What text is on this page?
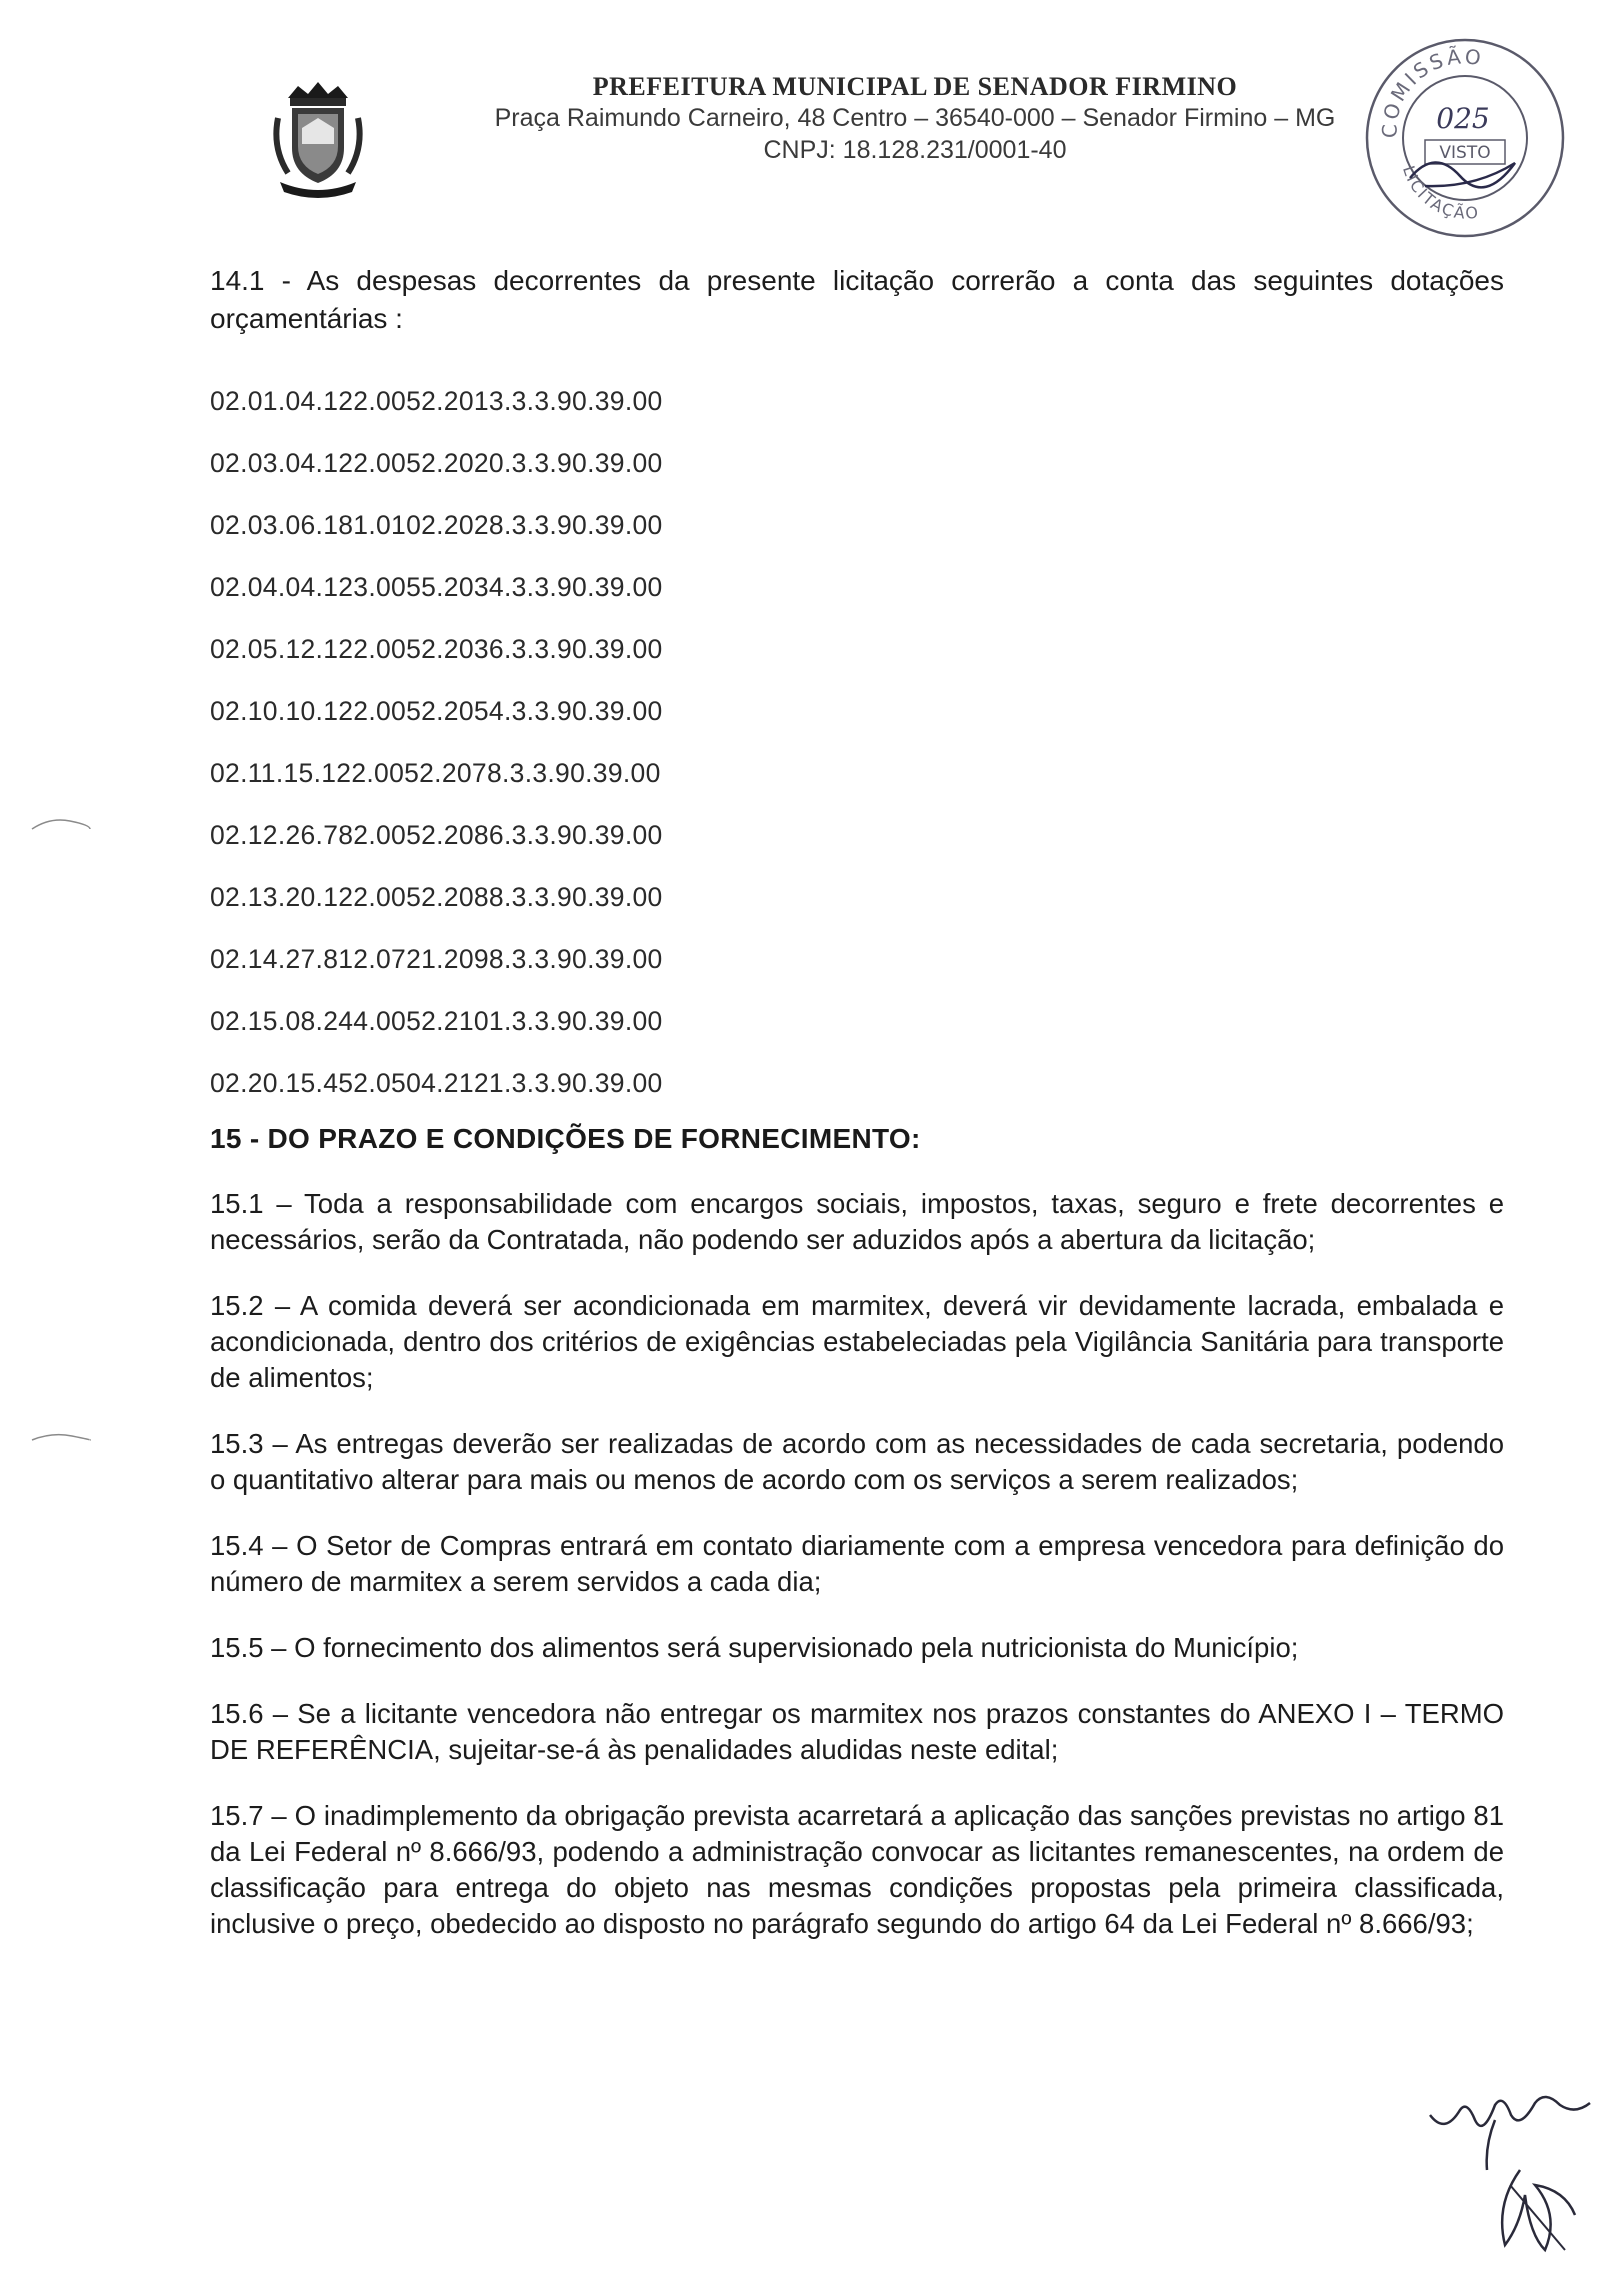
PREFEITURA MUNICIPAL DE SENADOR FIRMINO
Praça Raimundo Carneiro, 48 Centro – 36540-000 – Senador Firmino – MG
CNPJ: 18.128.231/0001-40
COMISSÃO
LICITAÇÃO
025
VISTO
14.1 - As despesas decorrentes da presente licitação correrão a conta das seguintes dotações orçamentárias :
02.01.04.122.0052.2013.3.3.90.39.00
02.03.04.122.0052.2020.3.3.90.39.00
02.03.06.181.0102.2028.3.3.90.39.00
02.04.04.123.0055.2034.3.3.90.39.00
02.05.12.122.0052.2036.3.3.90.39.00
02.10.10.122.0052.2054.3.3.90.39.00
02.11.15.122.0052.2078.3.3.90.39.00
02.12.26.782.0052.2086.3.3.90.39.00
02.13.20.122.0052.2088.3.3.90.39.00
02.14.27.812.0721.2098.3.3.90.39.00
02.15.08.244.0052.2101.3.3.90.39.00
02.20.15.452.0504.2121.3.3.90.39.00
15 - DO PRAZO E CONDIÇÕES DE FORNECIMENTO:
15.1 – Toda a responsabilidade com encargos sociais, impostos, taxas, seguro e frete decorrentes e necessários, serão da Contratada, não podendo ser aduzidos após a abertura da licitação;
15.2 – A comida deverá ser acondicionada em marmitex, deverá vir devidamente lacrada, embalada e acondicionada, dentro dos critérios de exigências estabeleciadas pela Vigilância Sanitária para transporte de alimentos;
15.3 – As entregas deverão ser realizadas de acordo com as necessidades de cada secretaria, podendo o quantitativo alterar para mais ou menos de acordo com os serviços a serem realizados;
15.4 – O Setor de Compras entrará em contato diariamente com a empresa vencedora para definição do número de marmitex a serem servidos a cada dia;
15.5 – O fornecimento dos alimentos será supervisionado pela nutricionista do Município;
15.6 – Se a licitante vencedora não entregar os marmitex nos prazos constantes do ANEXO I – TERMO DE REFERÊNCIA, sujeitar-se-á às penalidades aludidas neste edital;
15.7 – O inadimplemento da obrigação prevista acarretará a aplicação das sanções previstas no artigo 81 da Lei Federal nº 8.666/93, podendo a administração convocar as licitantes remanescentes, na ordem de classificação para entrega do objeto nas mesmas condições propostas pela primeira classificada, inclusive o preço, obedecido ao disposto no parágrafo segundo do artigo 64 da Lei Federal nº 8.666/93;
